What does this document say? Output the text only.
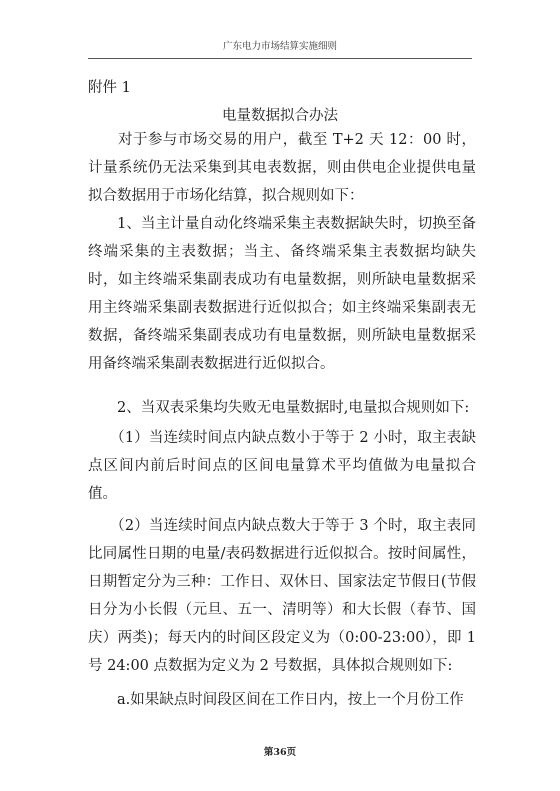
广东电力市场结算实施细则
附件 1
电量数据拟合办法

　　对于参与市场交易的用户，截至 T+2 天 12：00 时，计量系统仍无法采集到其电表数据，则由供电企业提供电量拟合数据用于市场化结算，拟合规则如下：

　　1、当主计量自动化终端采集主表数据缺失时，切换至备终端采集的主表数据；当主、备终端采集主表数据均缺失时，如主终端采集副表成功有电量数据，则所缺电量数据采用主终端采集副表数据进行近似拟合；如主终端采集副表无数据，备终端采集副表成功有电量数据，则所缺电量数据采用备终端采集副表数据进行近似拟合。

　　2、当双表采集均失败无电量数据时,电量拟合规则如下:

　　（1）当连续时间点内缺点数小于等于 2 小时，取主表缺点区间内前后时间点的区间电量算术平均值做为电量拟合值。

　　（2）当连续时间点内缺点数大于等于 3 个时，取主表同比同属性日期的电量/表码数据进行近似拟合。按时间属性，日期暂定分为三种：工作日、双休日、国家法定节假日(节假日分为小长假（元旦、五一、清明等）和大长假（春节、国庆）两类)；每天内的时间区段定义为（0:00-23:00），即 1 号 24:00 点数据为定义为 2 号数据，具体拟合规则如下:

　　a.如果缺点时间段区间在工作日内，按上一个月份工作

第36页
